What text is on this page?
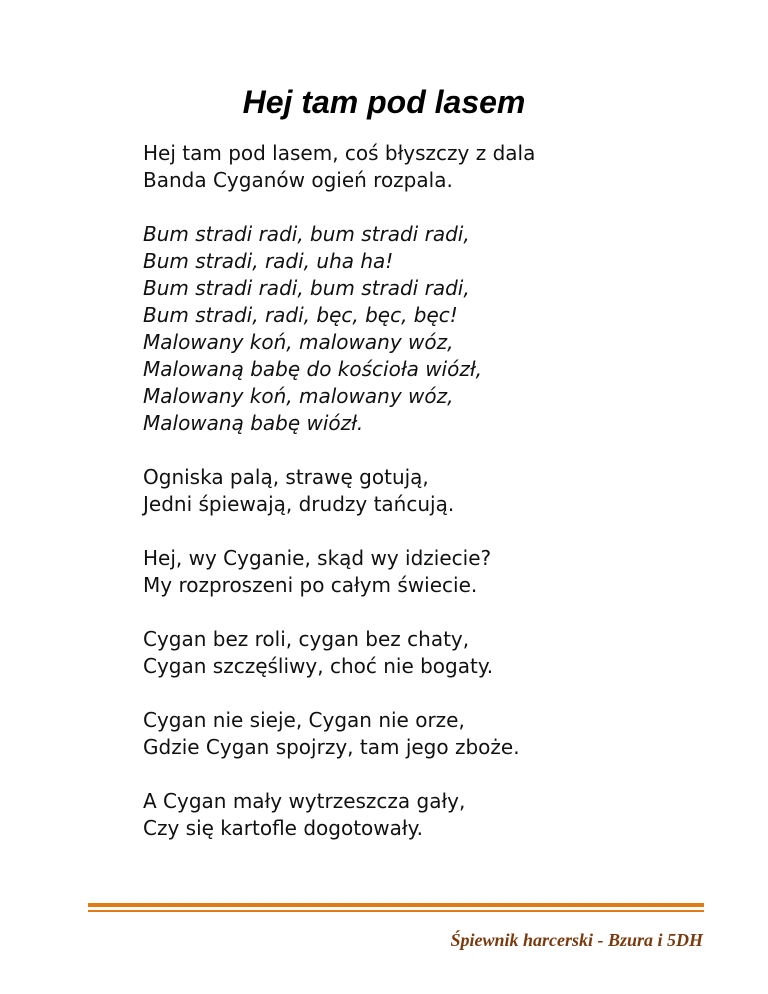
Hej tam pod lasem
Hej tam pod lasem, coś błyszczy z dala
Banda Cyganów ogień rozpala.
Bum stradi radi, bum stradi radi,
Bum stradi, radi, uha ha!
Bum stradi radi, bum stradi radi,
Bum stradi, radi, bęc, bęc, bęc!
Malowany koń, malowany wóz,
Malowaną babę do kościoła wiózł,
Malowany koń, malowany wóz,
Malowaną babę wiózł.
Ogniska palą, strawę gotują,
Jedni śpiewają, drudzy tańcują.
Hej, wy Cyganie, skąd wy idziecie?
My rozproszeni po całym świecie.
Cygan bez roli, cygan bez chaty,
Cygan szczęśliwy, choć nie bogaty.
Cygan nie sieje, Cygan nie orze,
Gdzie Cygan spojrzy, tam jego zboże.
A Cygan mały wytrzeszcza gały,
Czy się kartofle dogotowały.
Śpiewnik harcerski - Bzura i 5DH
